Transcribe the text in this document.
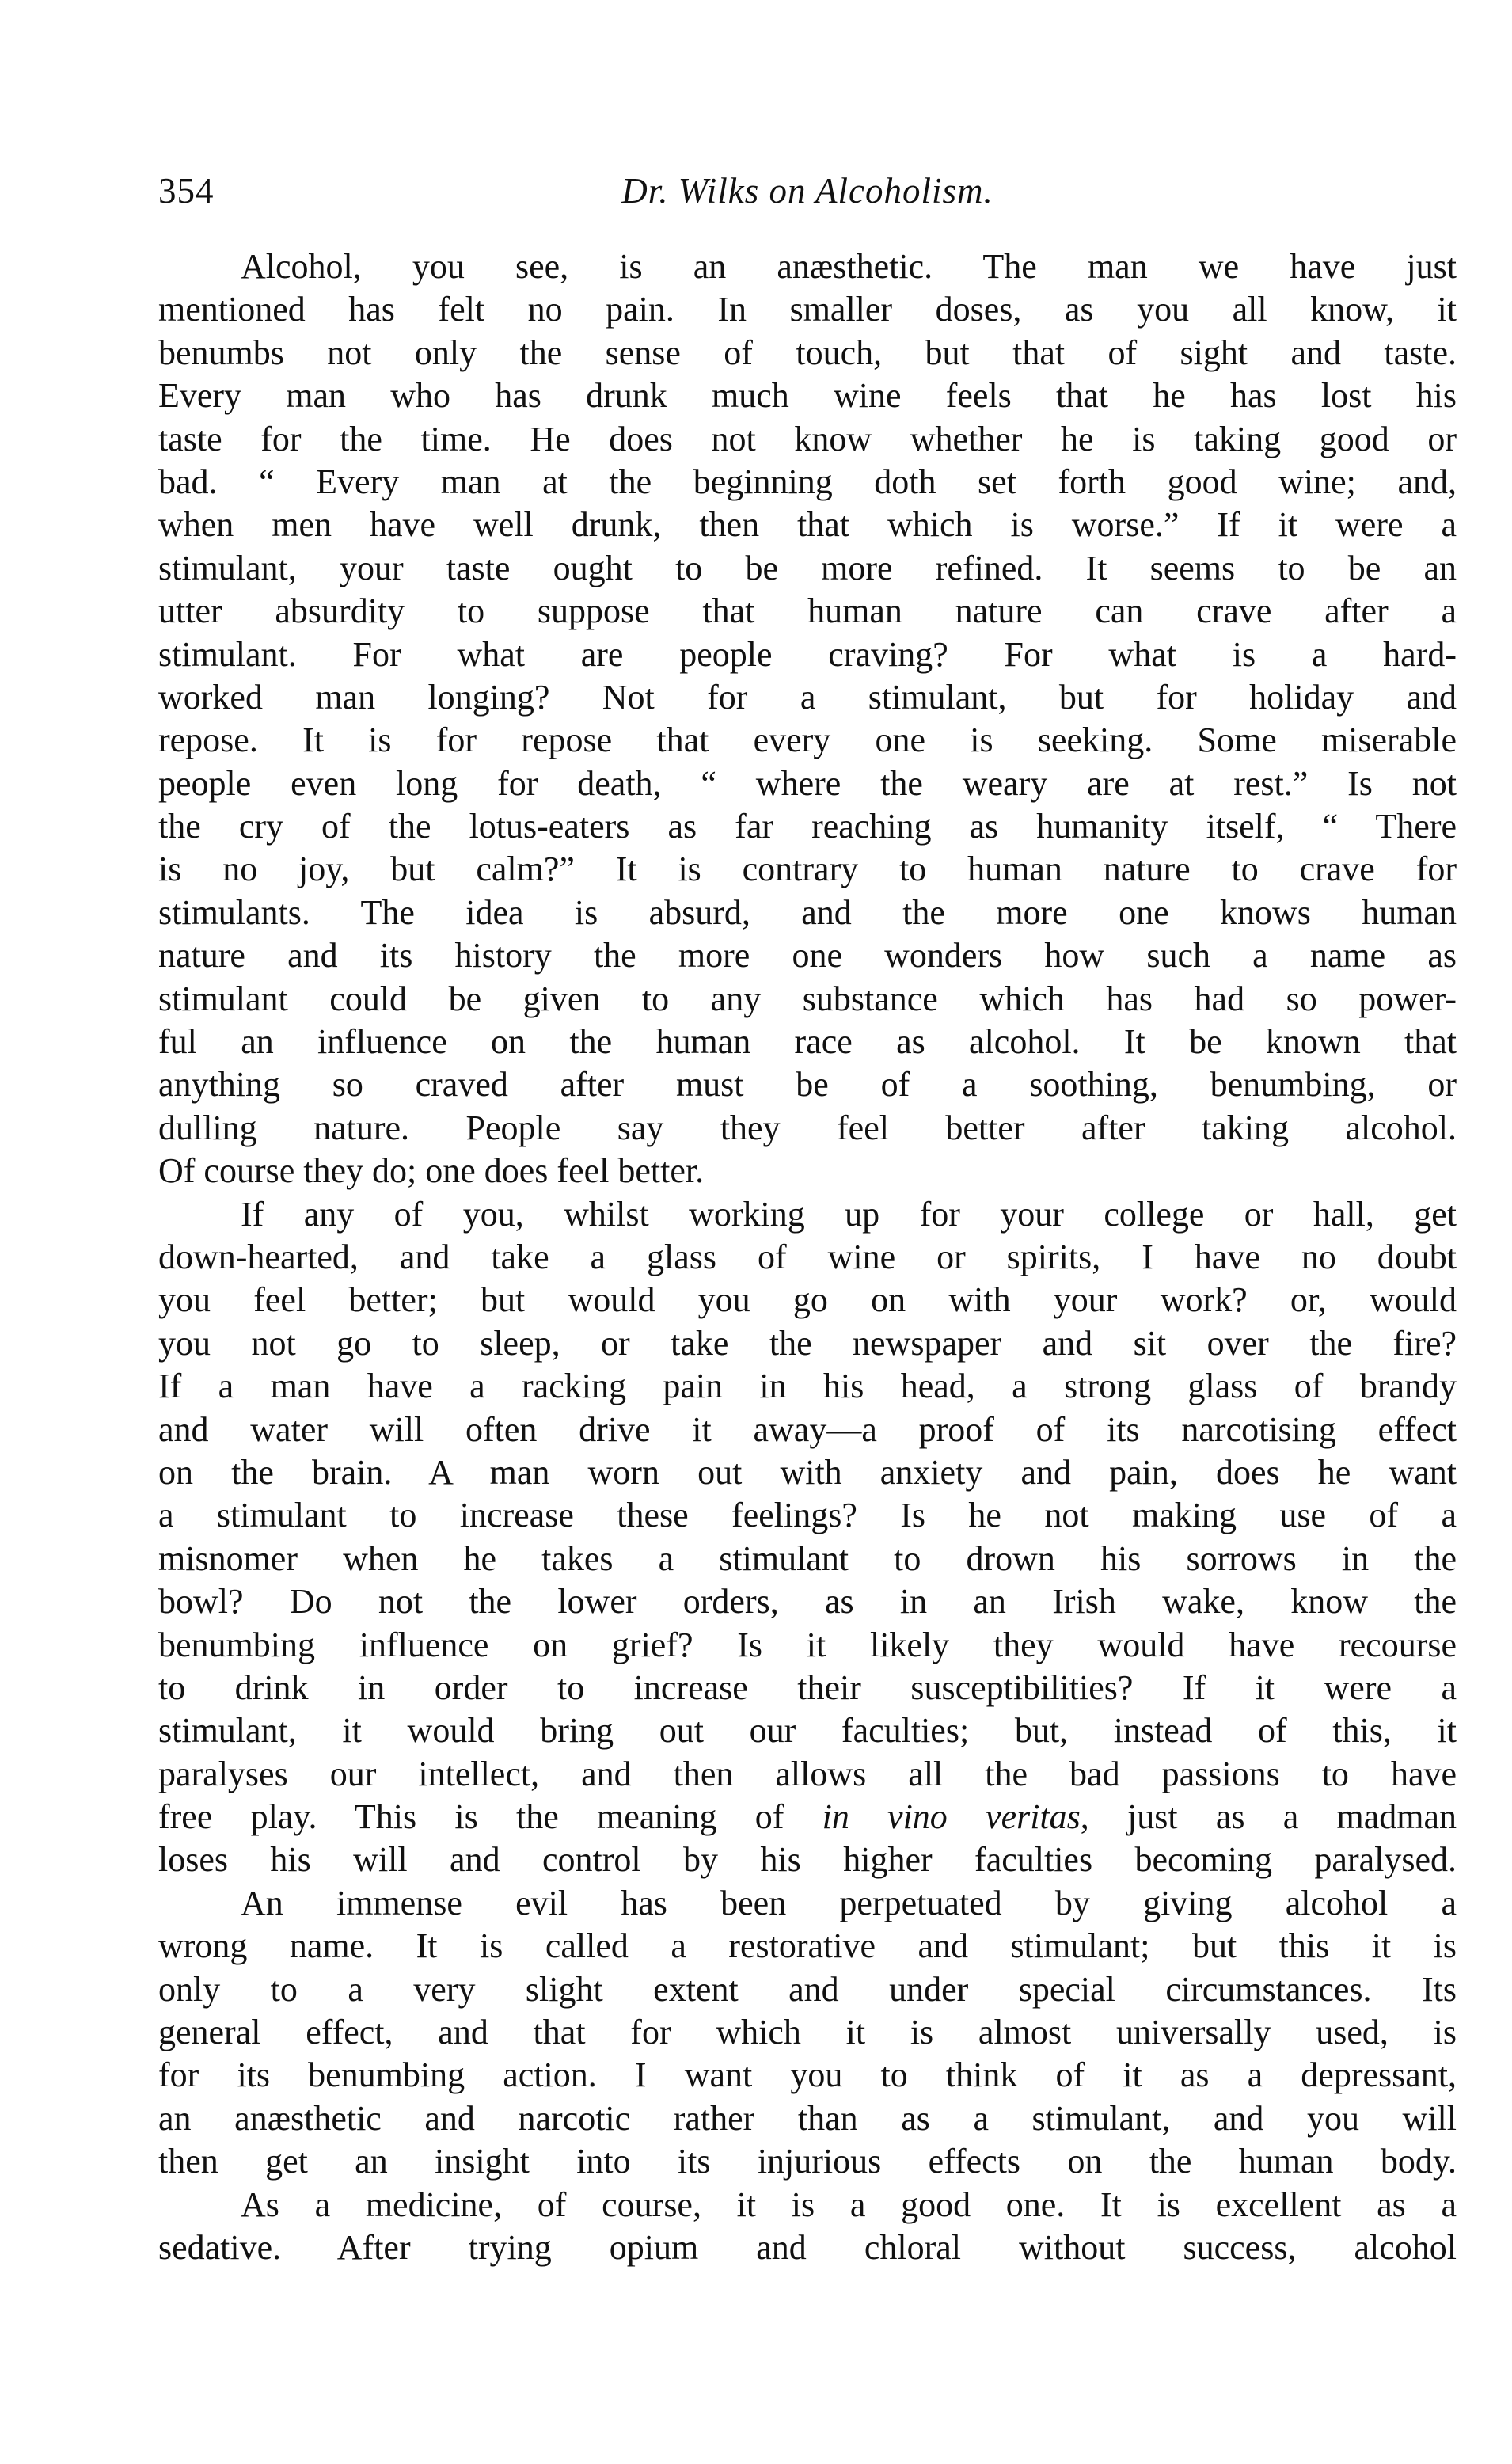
354	Dr. Wilks on Alcoholism.
Alcohol, you see, is an anæsthetic. The man we have just
mentioned has felt no pain. In smaller doses, as you all know, it
benumbs not only the sense of touch, but that of sight and taste.
Every man who has drunk much wine feels that he has lost his
taste for the time. He does not know whether he is taking good or
bad. “ Every man at the beginning doth set forth good wine; and,
when men have well drunk, then that which is worse.” If it were a
stimulant, your taste ought to be more refined. It seems to be an
utter absurdity to suppose that human nature can crave after a
stimulant. For what are people craving? For what is a hard-
worked man longing? Not for a stimulant, but for holiday and
repose. It is for repose that every one is seeking. Some miserable
people even long for death, “ where the weary are at rest.” Is not
the cry of the lotus-eaters as far reaching as humanity itself, “ There
is no joy, but calm?” It is contrary to human nature to crave for
stimulants. The idea is absurd, and the more one knows human
nature and its history the more one wonders how such a name as
stimulant could be given to any substance which has had so power-
ful an influence on the human race as alcohol. It be known that
anything so craved after must be of a soothing, benumbing, or
dulling nature. People say they feel better after taking alcohol.
Of course they do; one does feel better.
If any of you, whilst working up for your college or hall, get
down-hearted, and take a glass of wine or spirits, I have no doubt
you feel better; but would you go on with your work? or, would
you not go to sleep, or take the newspaper and sit over the fire?
If a man have a racking pain in his head, a strong glass of brandy
and water will often drive it away—a proof of its narcotising effect
on the brain. A man worn out with anxiety and pain, does he want
a stimulant to increase these feelings? Is he not making use of a
misnomer when he takes a stimulant to drown his sorrows in the
bowl? Do not the lower orders, as in an Irish wake, know the
benumbing influence on grief? Is it likely they would have recourse
to drink in order to increase their susceptibilities? If it were a
stimulant, it would bring out our faculties; but, instead of this, it
paralyses our intellect, and then allows all the bad passions to have
free play. This is the meaning of in vino veritas, just as a madman
loses his will and control by his higher faculties becoming paralysed.
An immense evil has been perpetuated by giving alcohol a
wrong name. It is called a restorative and stimulant; but this it is
only to a very slight extent and under special circumstances. Its
general effect, and that for which it is almost universally used, is
for its benumbing action. I want you to think of it as a depressant,
an anæsthetic and narcotic rather than as a stimulant, and you will
then get an insight into its injurious effects on the human body.
As a medicine, of course, it is a good one. It is excellent as a
sedative. After trying opium and chloral without success, alcohol
